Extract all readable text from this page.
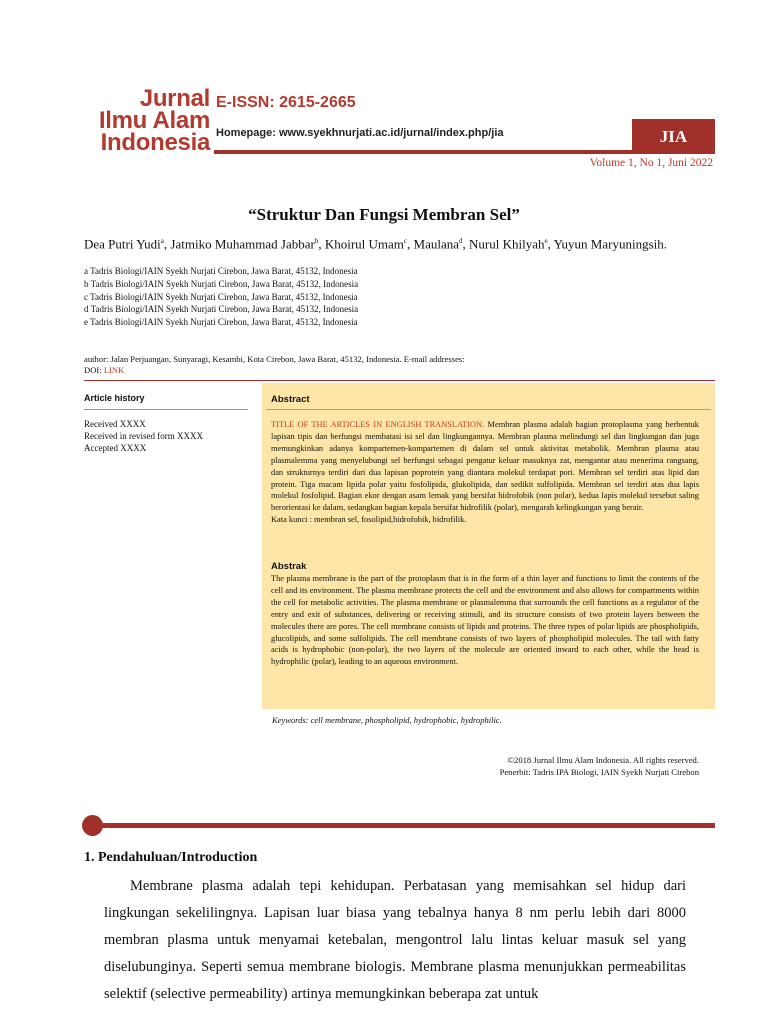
Jurnal
Ilmu Alam
Indonesia
E-ISSN: 2615-2665
Homepage: www.syekhnurjati.ac.id/jurnal/index.php/jia	JIA
Volume 1, No 1, Juni 2022
“Struktur Dan Fungsi Membran Sel”
Dea Putri Yudi$^a$, Jatmiko Muhammad Jabbar$^b$, Khoirul Umam$^c$, Maulana$^d$, Nurul Khilyah$^e$, Yuyun Maryuningsih.
a Tadris Biologi/IAIN Syekh Nurjati Cirebon, Jawa Barat, 45132, Indonesia
b Tadris Biologi/IAIN Syekh Nurjati Cirebon, Jawa Barat, 45132, Indonesia
c Tadris Biologi/IAIN Syekh Nurjati Cirebon, Jawa Barat, 45132, Indonesia
d Tadris Biologi/IAIN Syekh Nurjati Cirebon, Jawa Barat, 45132, Indonesia
e Tadris Biologi/IAIN Syekh Nurjati Cirebon, Jawa Barat, 45132, Indonesia
author: Jalan Perjuangan, Sunyaragi, Kesambi, Kota Cirebon, Jawa Barat, 45132, Indonesia. E-mail addresses:
DOI: LINK
Article history
Received XXXX
Received in revised form XXXX
Accepted XXXX
Abstract
TITLE OF THE ARTICLES IN ENGLISH TRANSLATION. Membran plasma adalah bagian protoplasma yang berbentuk lapisan tipis dan berfungsi membatasi isi sel dan lingkungannya. Membran plasma melindungi sel dan lingkungan dan juga memungkinkan adanya kompartemen-kompartemen di dalam sel untuk aktivitas metabolik. Membran plasma atau plasmalemma yang menyelubungi sel berfungsi sebagai pengatur keluar masuknya zat, mengantar atau menerima rangsang, dan strukturnya terdiri dari dua lapisan poprotein yang diantara molekul terdapat pori. Membran sel terdiri atas lipid dan protein. Tiga macam lipida polar yaitu fosfolipida, glukolipida, dan sedikit sulfolipida. Membran sel terdiri atas dua lapis molekul fosfolipid. Bagian ekor dengan asam lemak yang bersifat hidrofobik (non polar), kedua lapis molekul tersebut saling berorientasi ke dalam, sedangkan bagian kepala bersifat hidrofilik (polar), mengarah kelingkungan yang berair.
Kata kunci : membran sel, fosolipid,hidrofobik, hidrofilik.
Abstrak
The plasma membrane is the part of the protoplasm that is in the form of a thin layer and functions to limit the contents of the cell and its environment. The plasma membrane protects the cell and the environment and also allows for compartments within the cell for metabolic activities. The plasma membrane or plasmalemma that surrounds the cell functions as a regulator of the entry and exit of substances, delivering or receiving stimuli, and its structure consists of two protein layers between the molecules there are pores. The cell membrane consists of lipids and proteins. The three types of polar lipids are phospholipids, glucolipids, and some sulfolipids. The cell membrane consists of two layers of phospholipid molecules. The tail with fatty acids is hydrophobic (non-polar), the two layers of the molecule are oriented inward to each other, while the head is hydrophilic (polar), leading to an aqueous environment.
Keywords: cell membrane, phospholipid, hydrophobic, hydrophilic.
©2018 Jurnal Ilmu Alam Indonesia. All rights reserved.
Penerbit: Tadris IPA Biologi, IAIN Syekh Nurjati Cirebon
1. Pendahuluan/Introduction
Membrane plasma adalah tepi kehidupan. Perbatasan yang memisahkan sel hidup dari lingkungan sekelilingnya. Lapisan luar biasa yang tebalnya hanya 8 nm perlu lebih dari 8000 membran plasma untuk menyamai ketebalan, mengontrol lalu lintas keluar masuk sel yang diselubunginya. Seperti semua membrane biologis. Membrane plasma menunjukkan permeabilitas selektif (selective permeability) artinya memungkinkan beberapa zat untuk
